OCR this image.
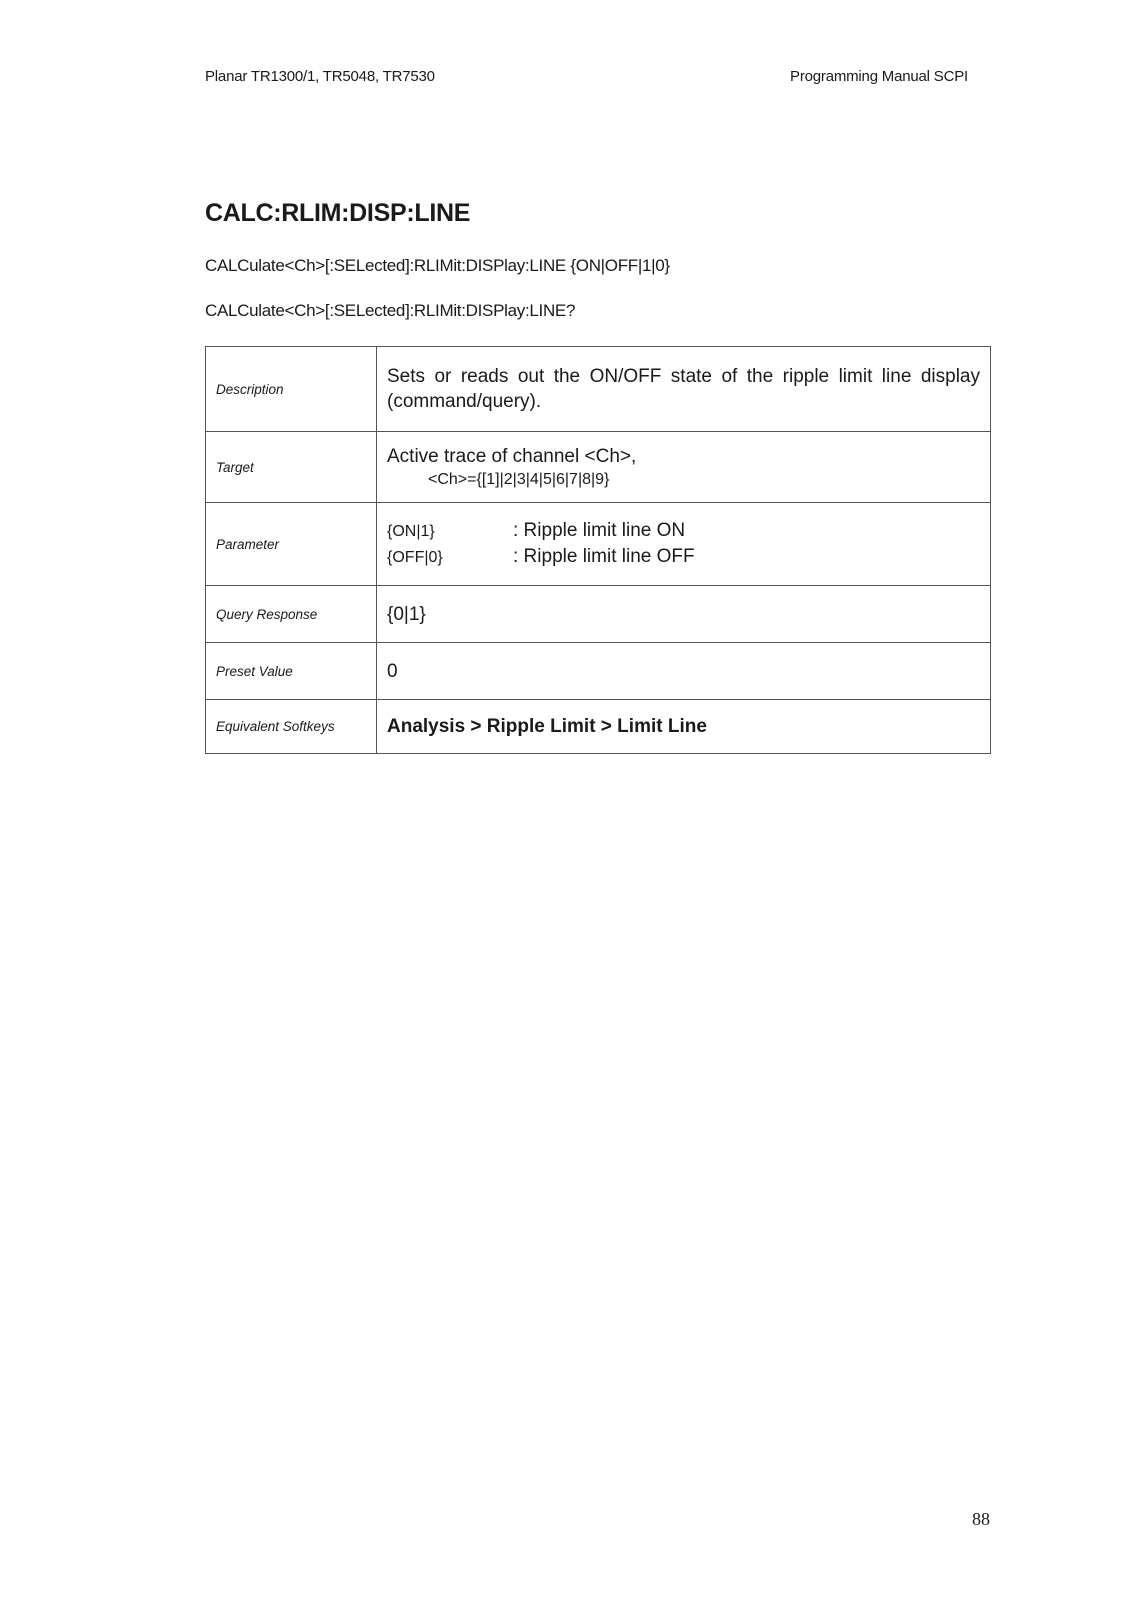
Planar TR1300/1, TR5048, TR7530	Programming Manual SCPI
CALC:RLIM:DISP:LINE
CALCulate<Ch>[:SELected]:RLIMit:DISPlay:LINE {ON|OFF|1|0}
CALCulate<Ch>[:SELected]:RLIMit:DISPlay:LINE?
Description	Sets or reads out the ON/OFF state of the ripple limit line display (command/query).

Target	Active trace of channel <Ch>,
<Ch>={[1]|2|3|4|5|6|7|8|9}

Parameter	{ON|1} : Ripple limit line ON
{OFF|0} : Ripple limit line OFF

Query Response	{0|1}
Preset Value	0
Equivalent Softkeys	Analysis > Ripple Limit > Limit Line
88
